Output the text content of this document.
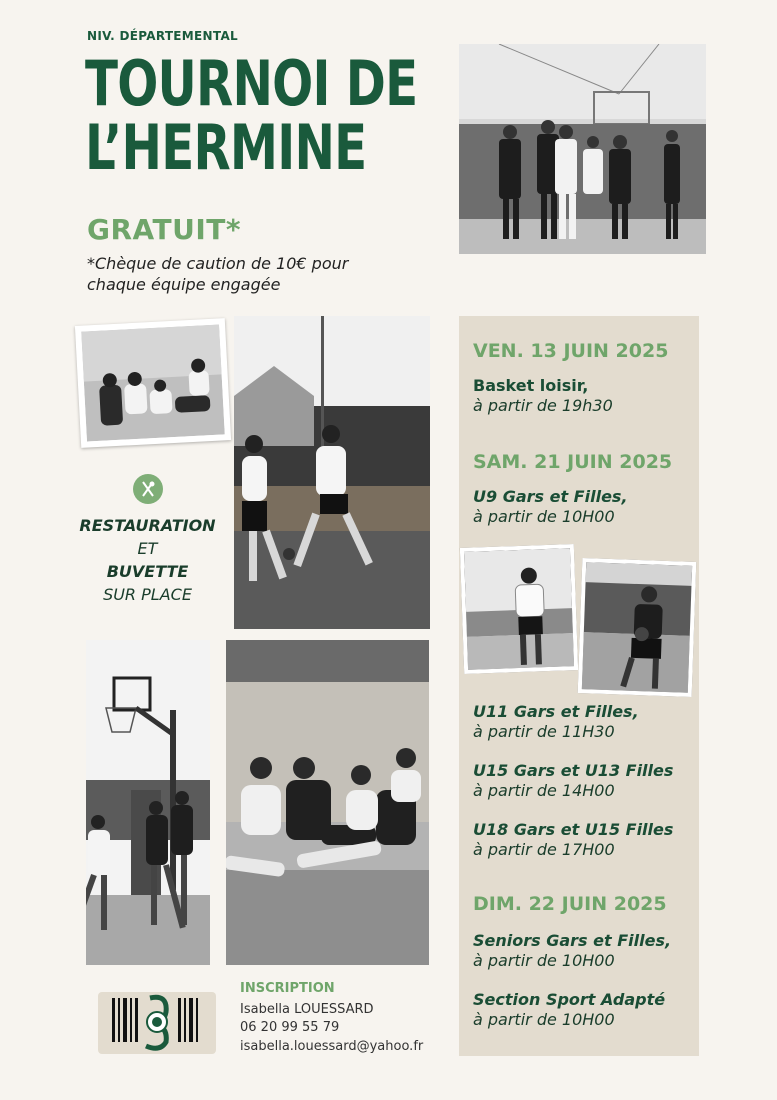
NIV. DÉPARTEMENTAL
TOURNOI DE
L’HERMINE
GRATUIT*
*Chèque de caution de 10€ pour chaque équipe engagée
RESTAURATION
ET
BUVETTE
SUR PLACE
VEN. 13 JUIN 2025
Basket loisir,
à partir de 19h30
SAM. 21 JUIN 2025
U9 Gars et Filles,
à partir de 10H00
U11 Gars et Filles,
à partir de 11H30
U15 Gars et U13 Filles
à partir de 14H00
U18 Gars et U15 Filles
à partir de 17H00
DIM. 22 JUIN 2025
Seniors Gars et Filles,
à partir de 10H00
Section Sport Adapté
à partir de 10H00
INSCRIPTION
Isabella LOUESSARD
06 20 99 55 79
isabella.louessard@yahoo.fr
